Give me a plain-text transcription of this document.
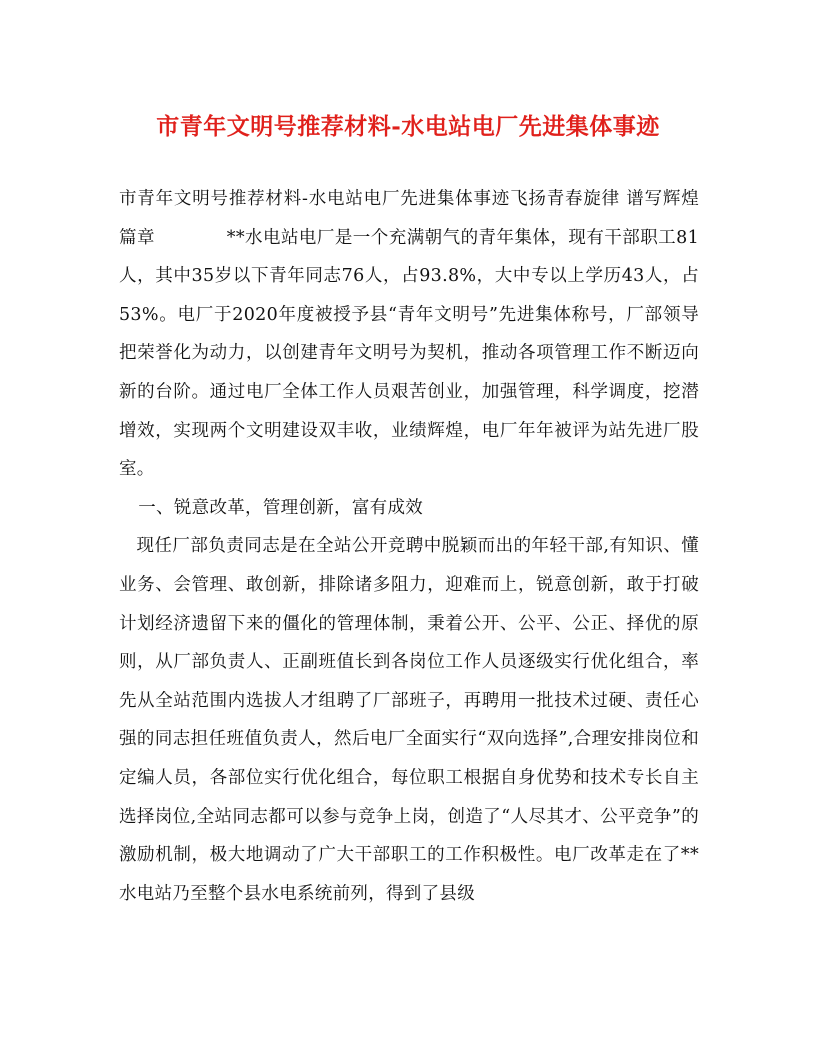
市青年文明号推荐材料-水电站电厂先进集体事迹

市青年文明号推荐材料-水电站电厂先进集体事迹飞扬青春旋律 谱写辉煌篇章　　　　**水电站电厂是一个充满朝气的青年集体，现有干部职工81人，其中35岁以下青年同志76人，占93.8%，大中专以上学历43人，占53%。电厂于2020年度被授予县“青年文明号”先进集体称号，厂部领导把荣誉化为动力，以创建青年文明号为契机，推动各项管理工作不断迈向新的台阶。通过电厂全体工作人员艰苦创业，加强管理，科学调度，挖潜增效，实现两个文明建设双丰收，业绩辉煌，电厂年年被评为站先进厂股室。

一、锐意改革，管理创新，富有成效

现任厂部负责同志是在全站公开竞聘中脱颖而出的年轻干部,有知识、懂业务、会管理、敢创新，排除诸多阻力，迎难而上，锐意创新，敢于打破计划经济遗留下来的僵化的管理体制，秉着公开、公平、公正、择优的原则，从厂部负责人、正副班值长到各岗位工作人员逐级实行优化组合，率先从全站范围内选拔人才组聘了厂部班子，再聘用一批技术过硬、责任心强的同志担任班值负责人，然后电厂全面实行“双向选择”,合理安排岗位和定编人员，各部位实行优化组合，每位职工根据自身优势和技术专长自主选择岗位,全站同志都可以参与竞争上岗，创造了“人尽其才、公平竞争”的激励机制，极大地调动了广大干部职工的工作积极性。电厂改革走在了**水电站乃至整个县水电系统前列，得到了县级
